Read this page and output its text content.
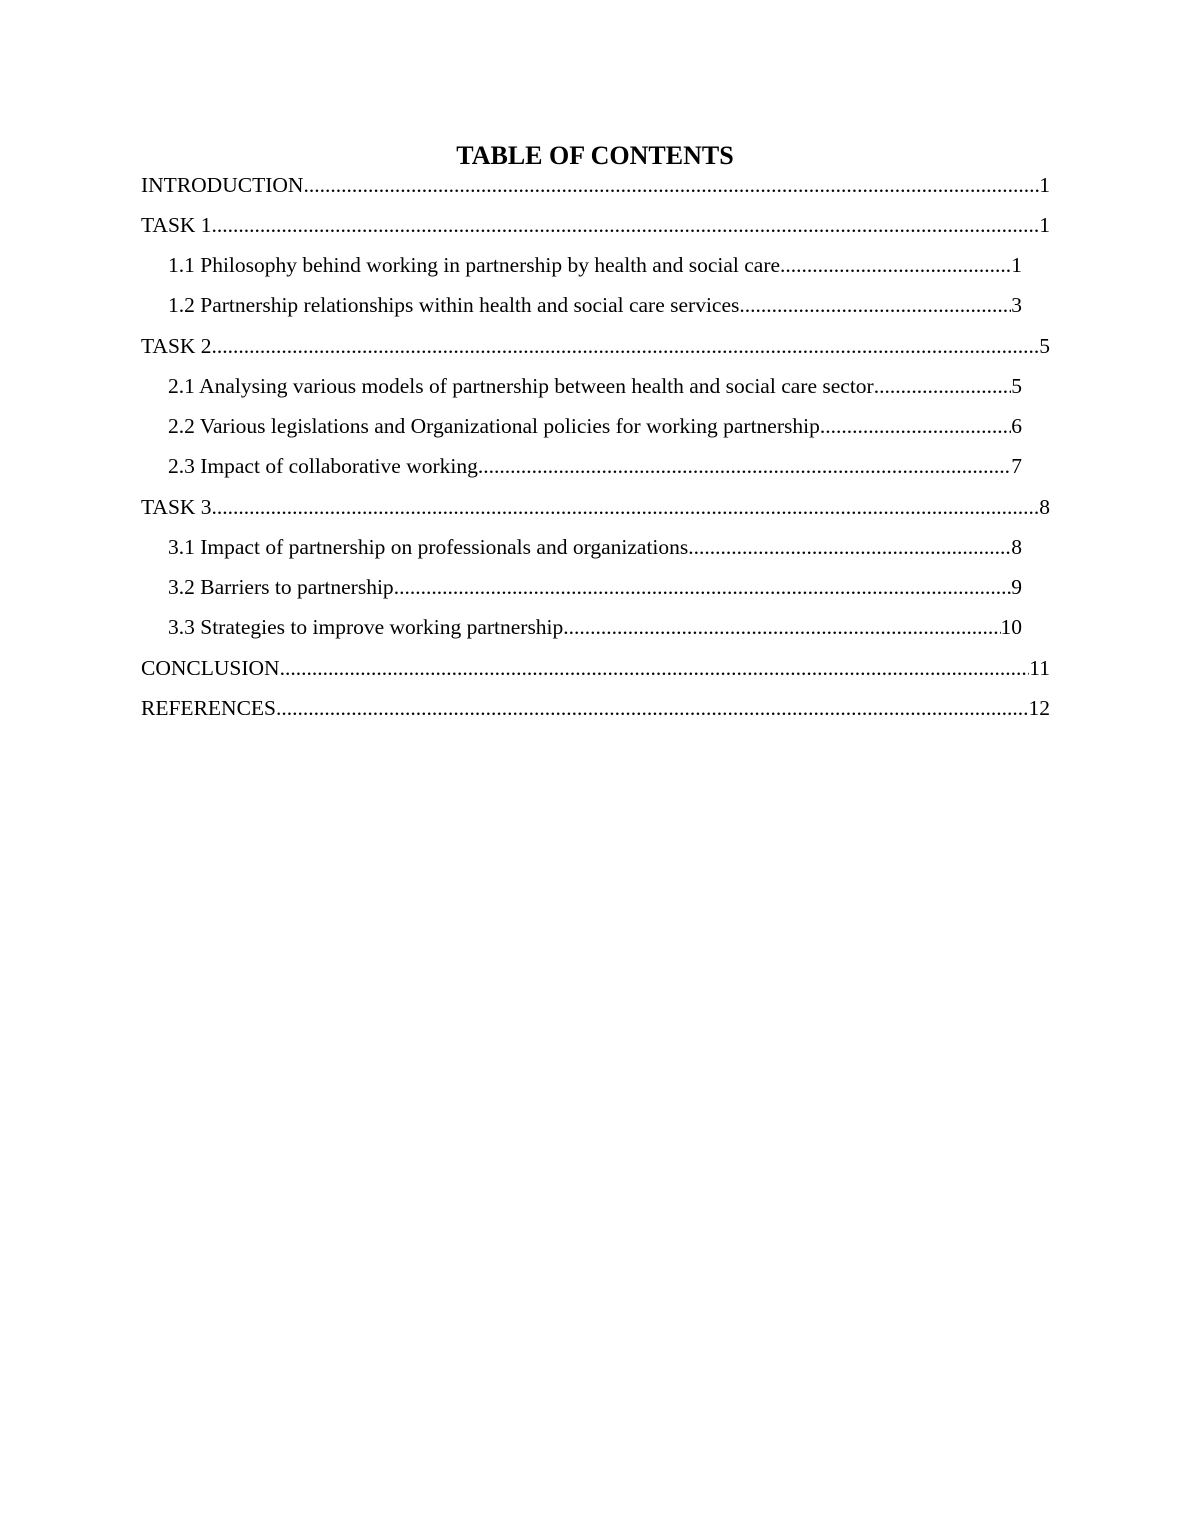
TABLE OF CONTENTS
INTRODUCTION .....	1
TASK 1 .....	1
1.1 Philosophy behind working in partnership by health and social care .....	1
1.2 Partnership relationships within health and social care services .....	3
TASK 2 .....	5
2.1 Analysing various models of partnership between health and social care sector .....	5
2.2 Various legislations and Organizational policies for working partnership .....	6
2.3 Impact of collaborative working .....	7
TASK 3 .....	8
3.1 Impact of partnership on professionals and organizations .....	8
3.2 Barriers to partnership .....	9
3.3 Strategies to improve working partnership .....	10
CONCLUSION .....	11
REFERENCES .....	12
